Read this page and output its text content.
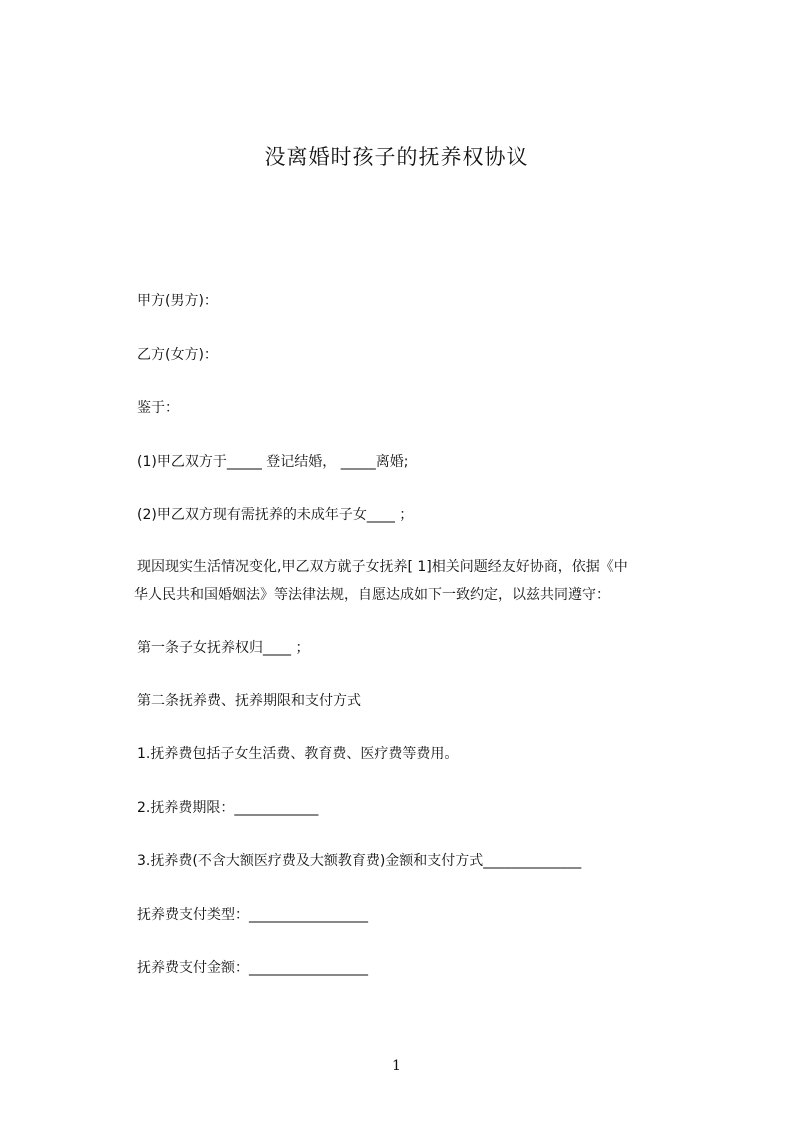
没离婚时孩子的抚养权协议

甲方(男方)：

乙方(女方)：

鉴于：

(1)甲乙双方于_____ 登记结婚， _____离婚;

(2)甲乙双方现有需抚养的未成年子女____ ；

现因现实生活情况变化,甲乙双方就子女抚养[ 1]相关问题经友好协商，依据《中
华人民共和国婚姻法》等法律法规，自愿达成如下一致约定，以兹共同遵守：

第一条子女抚养权归____ ；

第二条抚养费、抚养期限和支付方式

1.抚养费包括子女生活费、教育费、医疗费等费用。

2.抚养费期限：____________

3.抚养费(不含大额医疗费及大额教育费)金额和支付方式______________

抚养费支付类型：_________________

抚养费支付金额：_________________

1
